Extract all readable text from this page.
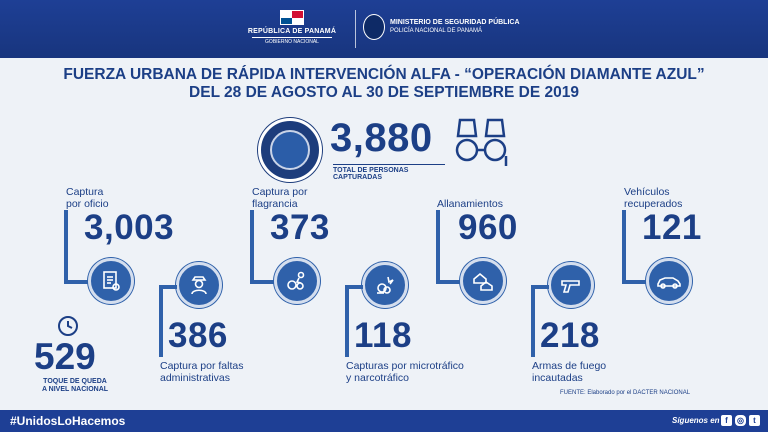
REPÚBLICA DE PANAMÁ
GOBIERNO NACIONAL
MINISTERIO DE SEGURIDAD PÚBLICA
POLICÍA NACIONAL DE PANAMÁ
FUERZA URBANA DE RÁPIDA INTERVENCIÓN ALFA - “OPERACIÓN DIAMANTE AZUL”
DEL 28 DE AGOSTO AL 30 DE SEPTIEMBRE DE 2019
3,880
TOTAL DE PERSONAS CAPTURADAS
Captura
por oficio
3,003
386
Captura por faltas
administrativas
Captura por
flagrancia
373
118
Capturas por microtráfico
y narcotráfico
Allanamientos
960
218
Armas de fuego
incautadas
Vehículos
recuperados
121
529
TOQUE DE QUEDA
A NIVEL NACIONAL	FUENTE: Elaborado por el DACTER NACIONAL
#UnidosLoHacemos	Síguenos en f	◎	t
